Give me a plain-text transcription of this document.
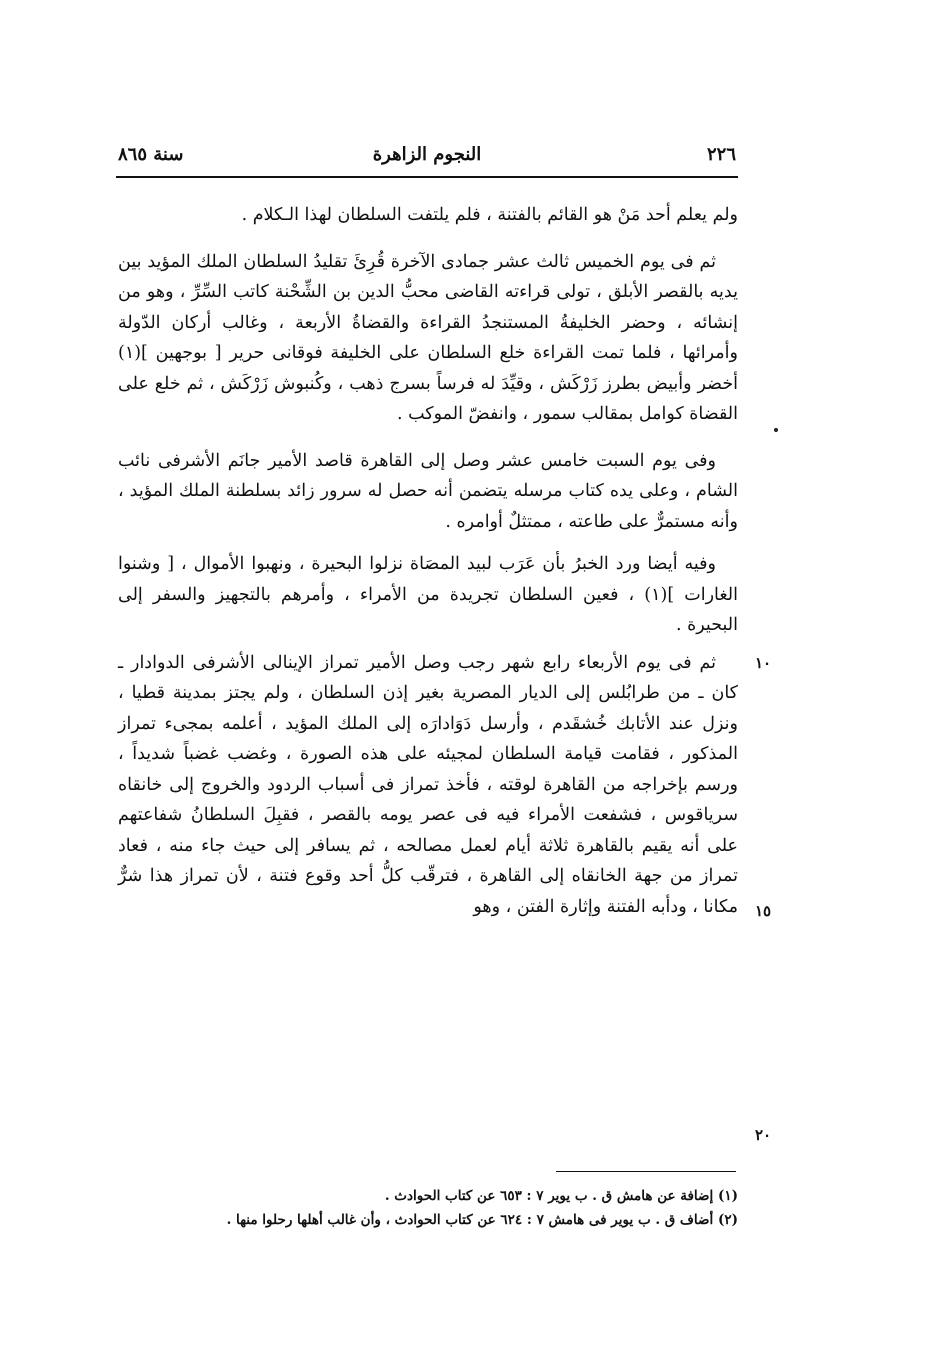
٢٢٦
النجوم الزاهرة
سنة ٨٦٥

ولم يعلم أحد مَنْ هو القائم بالفتنة ، فلم يلتفت السلطان لهذا الـكلام .

ثم فى يوم الخميس ثالث عشر جمادى الآخرة قُرِئَ تقليدُ السلطان الملك المؤيد بين يديه بالقصر الأبلق ، تولى قراءته القاضى محبُّ الدين بن الشِّحْنة كاتب السِّرِّ ، وهو من إنشائه ، وحضر الخليفةُ المستنجدُ القراءة والقضاةُ الأربعة ، وغالب أركان الدّولة وأمرائها ، فلما تمت القراءة خلع السلطان على الخليفة فوقانى حرير [ بوجهين ](١) أخضر وأبيض بطرز زَرْكَش ، وقيِّدَ له فرساً بسرج ذهب ، وكُنبوش زَرْكَش ، ثم خلع على القضاة كوامل بمقالب سمور ، وانفضّ الموكب .

وفى يوم السبت خامس عشر وصل إلى القاهرة قاصد الأمير جانَم الأشرفى نائب الشام ، وعلى يده كتاب مرسله يتضمن أنه حصل له سرور زائد بسلطنة الملك المؤيد ، وأنه مستمرٌّ على طاعته ، ممتثلٌ أوامره .

وفيه أيضا ورد الخبرُ بأن عَرَب لبيد المصَاة نزلوا البحيرة ، ونهبوا الأموال ، [ وشنوا الغارات ](١) ، فعين السلطان تجريدة من الأمراء ، وأمرهم بالتجهيز والسفر إلى البحيرة .

ثم فى يوم الأربعاء رابع شهر رجب وصل الأمير تمراز الإينالى الأشرفى الدوادار ـ كان ـ من طرابُلس إلى الديار المصرية بغير إذن السلطان ، ولم يجتز بمدينة قطيا ، ونزل عند الأتابك خُشقَدم ، وأرسل دَوَادارَه إلى الملك المؤيد ، أعلمه بمجىء تمراز المذكور ، فقامت قيامة السلطان لمجيئه على هذه الصورة ، وغضب غضباً شديداً ، ورسم بإخراجه من القاهرة لوقته ، فأخذ تمراز فى أسباب الردود والخروج إلى خانقاه سرياقوس ، فشفعت الأمراء فيه فى عصر يومه بالقصر ، فقبِلَ السلطانُ شفاعتهم على أنه يقيم بالقاهرة ثلاثة أيام لعمل مصالحه ، ثم يسافر إلى حيث جاء منه ، فعاد تمراز من جهة الخانقاه إلى القاهرة ، فترقّب كلُّ أحد وقوع فتنة ، لأن تمراز هذا شرٌّ مكانا ، ودأبه الفتنة وإثارة الفتن ، وهو

١٠
١٥
٢٠

(١) إضافة عن هامش ق . ب يوير ٧ : ٦٥٣ عن كتاب الحوادث .

(٢) أضاف ق . ب يوير فى هامش ٧ : ٦٢٤ عن كتاب الحوادث ، وأن غالب أهلها رحلوا منها .
